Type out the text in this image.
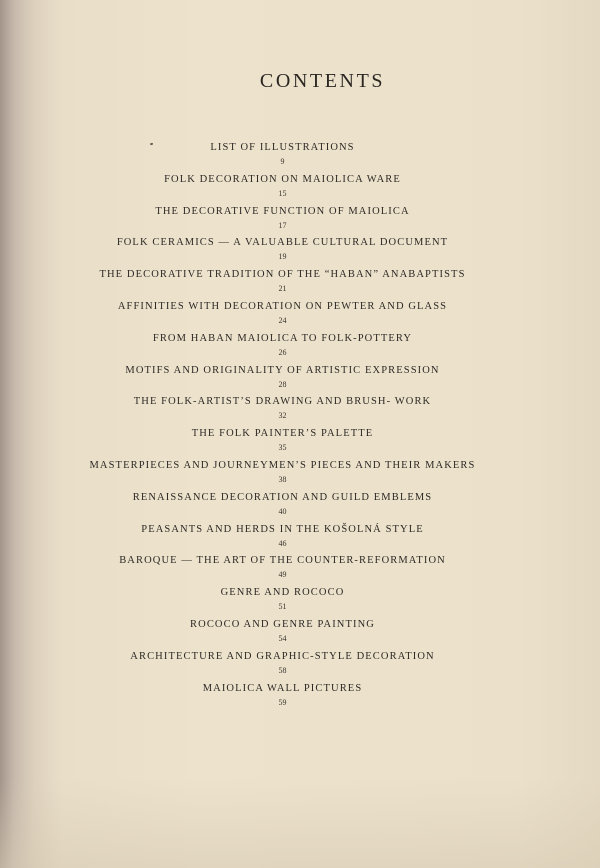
CONTENTS
LIST OF ILLUSTRATIONS
9
FOLK DECORATION ON MAIOLICA WARE
15
THE DECORATIVE FUNCTION OF MAIOLICA
17
FOLK CERAMICS — A VALUABLE CULTURAL DOCUMENT
19
THE DECORATIVE TRADITION OF THE “HABAN” ANABAPTISTS
21
AFFINITIES WITH DECORATION ON PEWTER AND GLASS
24
FROM HABAN MAIOLICA TO FOLK-POTTERY
26
MOTIFS AND ORIGINALITY OF ARTISTIC EXPRESSION
28
THE FOLK-ARTIST’S DRAWING AND BRUSH- WORK
32
THE FOLK PAINTER’S PALETTE
35
MASTERPIECES AND JOURNEYMEN’S PIECES AND THEIR MAKERS
38
RENAISSANCE DECORATION AND GUILD EMBLEMS
40
PEASANTS AND HERDS IN THE KOŠOLNÁ STYLE
46
BAROQUE — THE ART OF THE COUNTER-REFORMATION
49
GENRE AND ROCOCO
51
ROCOCO AND GENRE PAINTING
54
ARCHITECTURE AND GRAPHIC-STYLE DECORATION
58
MAIOLICA WALL PICTURES
59
